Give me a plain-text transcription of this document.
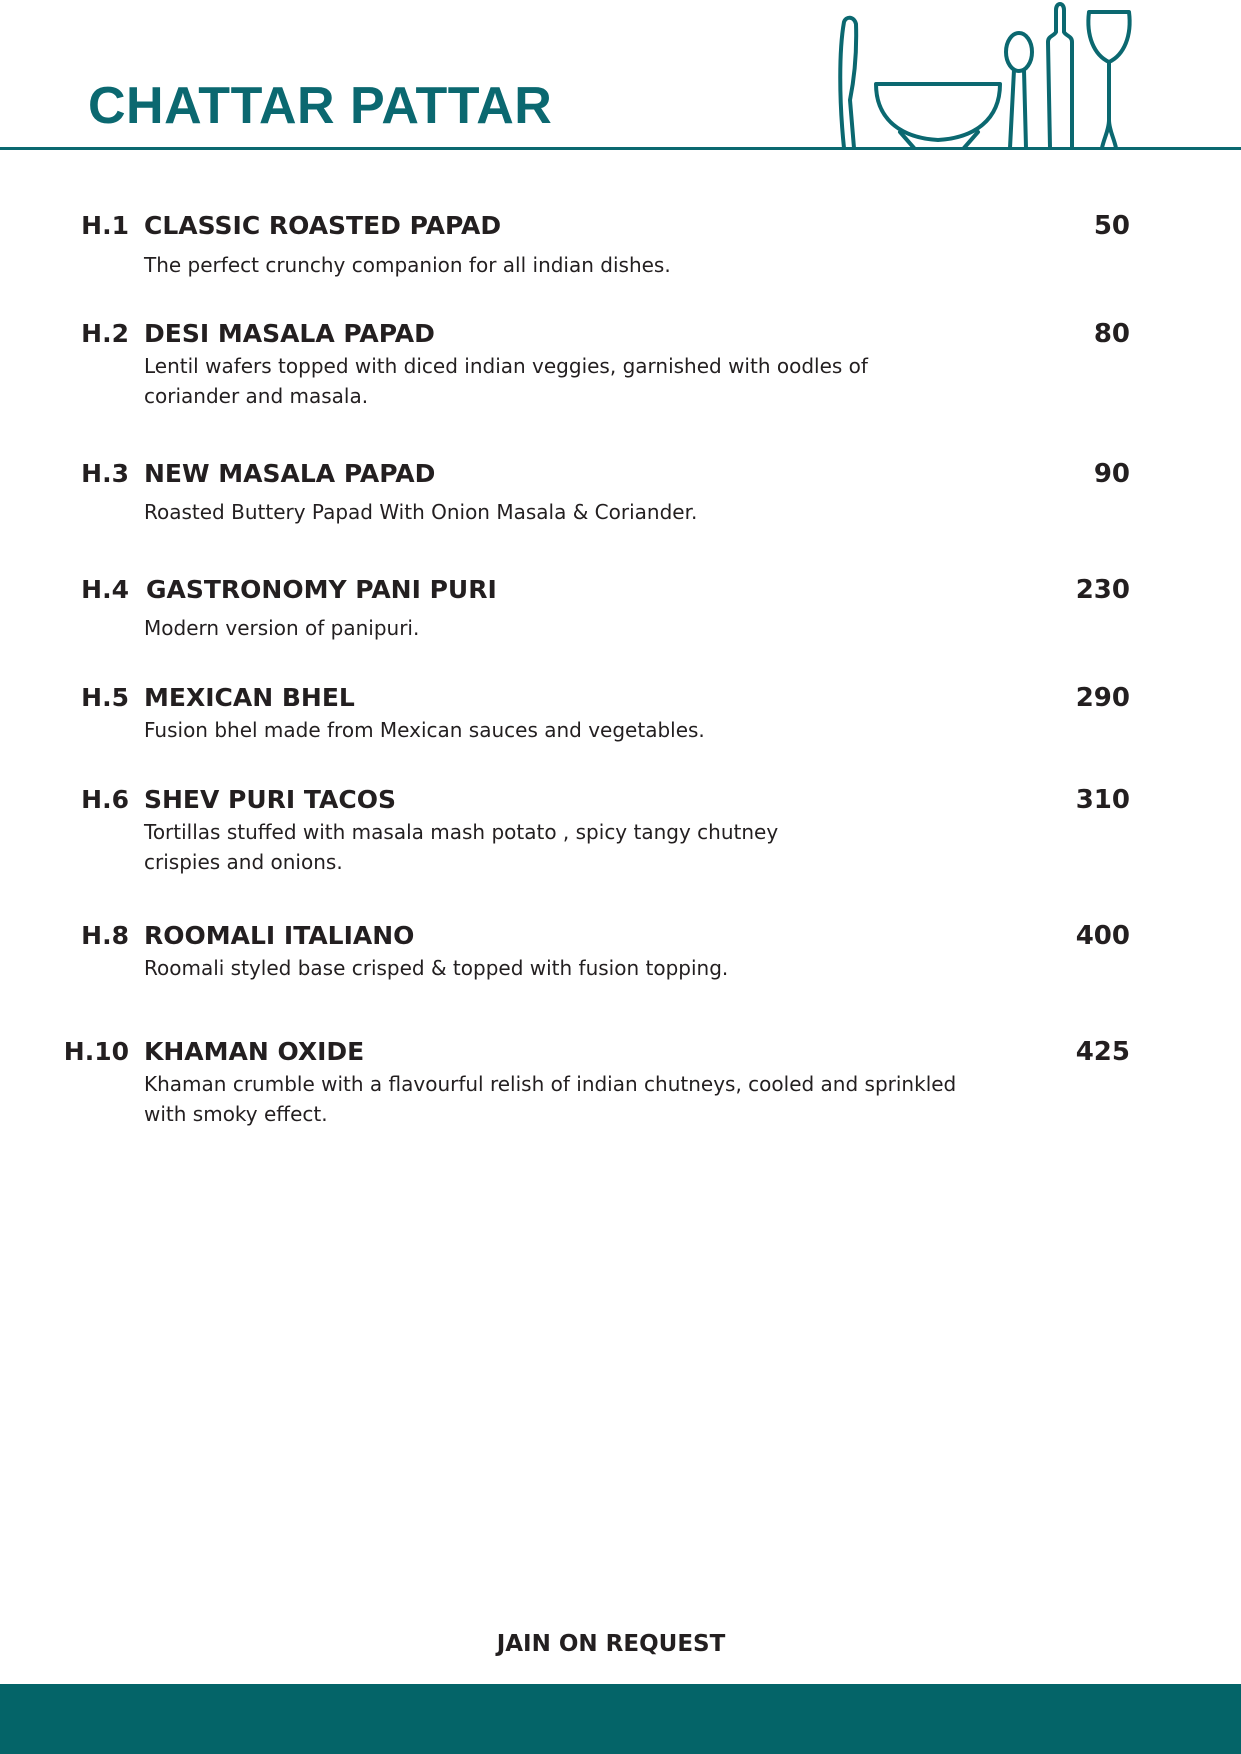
CHATTAR PATTAR
H.1 CLASSIC ROASTED PAPAD	50
The perfect crunchy companion for all indian dishes.
H.2 DESI MASALA PAPAD	80
Lentil wafers topped with diced indian veggies, garnished with oodles of
coriander and masala.
H.3 NEW MASALA PAPAD	90
Roasted Buttery Papad With Onion Masala & Coriander.
H.4 GASTRONOMY PANI PURI	230
Modern version of panipuri.
H.5 MEXICAN BHEL	290
Fusion bhel made from Mexican sauces and vegetables.
H.6 SHEV PURI TACOS	310
Tortillas stuffed with masala mash potato , spicy tangy chutney
crispies and onions.
H.8 ROOMALI ITALIANO	400
Roomali styled base crisped & topped with fusion topping.
H.10 KHAMAN OXIDE	425
Khaman crumble with a flavourful relish of indian chutneys, cooled and sprinkled
with smoky effect.
JAIN ON REQUEST
